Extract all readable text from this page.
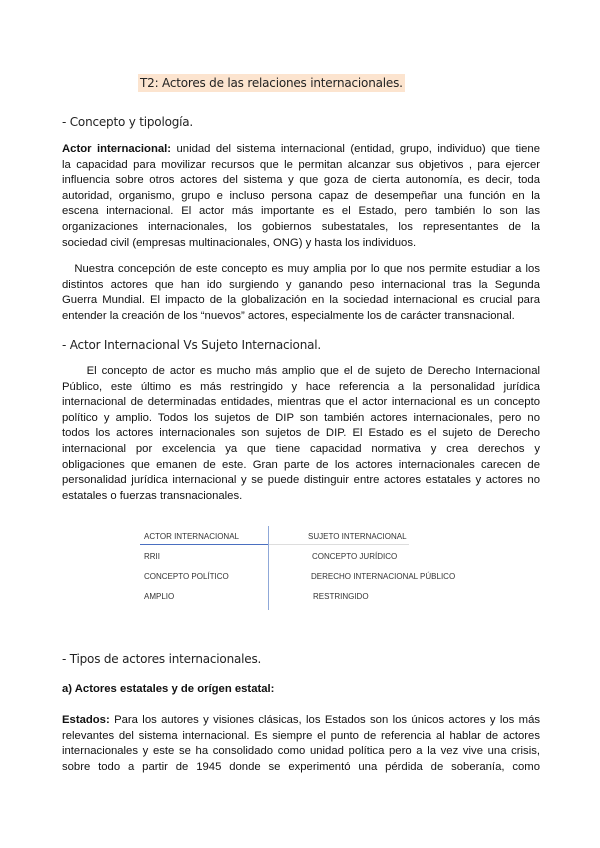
T2: Actores de las relaciones internacionales.
- Concepto y tipología.
Actor internacional: unidad del sistema internacional (entidad, grupo, individuo) que tiene
la capacidad para movilizar recursos que le permitan alcanzar sus objetivos , para ejercer
influencia sobre otros actores del sistema y que goza de cierta autonomía, es decir, toda
autoridad, organismo, grupo e incluso persona capaz de desempeñar una función en la
escena internacional. El actor más importante es el Estado, pero también lo son las
organizaciones internacionales, los gobiernos subestatales, los representantes de la
sociedad civil (empresas multinacionales, ONG) y hasta los individuos.
Nuestra concepción de este concepto es muy amplia por lo que nos permite estudiar a los
distintos actores que han ido surgiendo y ganando peso internacional tras la Segunda
Guerra Mundial. El impacto de la globalización en la sociedad internacional es crucial para
entender la creación de los “nuevos” actores, especialmente los de carácter transnacional.
- Actor Internacional Vs Sujeto Internacional.
El concepto de actor es mucho más amplio que el de sujeto de Derecho Internacional
Público, este último es más restringido y hace referencia a la personalidad jurídica
internacional de determinadas entidades, mientras que el actor internacional es un concepto
político y amplio. Todos los sujetos de DIP son también actores internacionales, pero no
todos los actores internacionales son sujetos de DIP. El Estado es el sujeto de Derecho
internacional por excelencia ya que tiene capacidad normativa y crea derechos y
obligaciones que emanen de este. Gran parte de los actores internacionales carecen de
personalidad jurídica internacional y se puede distinguir entre actores estatales y actores no
estatales o fuerzas transnacionales.
ACTOR INTERNACIONAL	SUJETO INTERNACIONAL
RRII	CONCEPTO JURÍDICO
CONCEPTO POLÍTICO	DERECHO INTERNACIONAL PÚBLICO
AMPLIO	RESTRINGIDO
- Tipos de actores internacionales.
a) Actores estatales y de orígen estatal:
Estados: Para los autores y visiones clásicas, los Estados son los únicos actores y los más
relevantes del sistema internacional. Es siempre el punto de referencia al hablar de actores
internacionales y este se ha consolidado como unidad política pero a la vez vive una crisis,
sobre todo a partir de 1945 donde se experimentó una pérdida de soberanía, como
